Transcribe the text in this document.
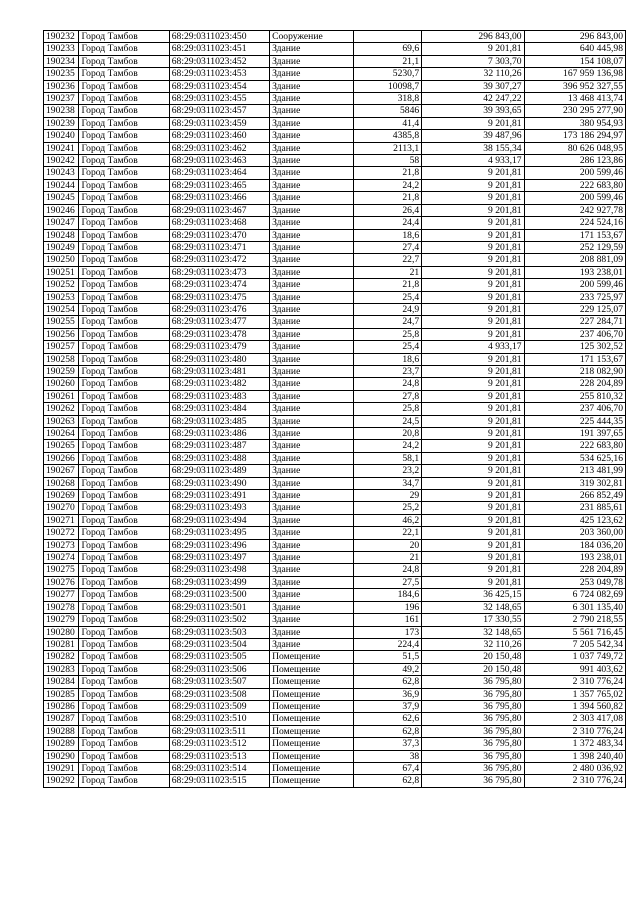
190232	Город Тамбов	68:29:0311023:450	Сооружение		296 843,00	296 843,00
190233	Город Тамбов	68:29:0311023:451	Здание	69,6	9 201,81	640 445,98
190234	Город Тамбов	68:29:0311023:452	Здание	21,1	7 303,70	154 108,07
190235	Город Тамбов	68:29:0311023:453	Здание	5230,7	32 110,26	167 959 136,98
190236	Город Тамбов	68:29:0311023:454	Здание	10098,7	39 307,27	396 952 327,55
190237	Город Тамбов	68:29:0311023:455	Здание	318,8	42 247,22	13 468 413,74
190238	Город Тамбов	68:29:0311023:457	Здание	5846	39 393,65	230 295 277,90
190239	Город Тамбов	68:29:0311023:459	Здание	41,4	9 201,81	380 954,93
190240	Город Тамбов	68:29:0311023:460	Здание	4385,8	39 487,96	173 186 294,97
190241	Город Тамбов	68:29:0311023:462	Здание	2113,1	38 155,34	80 626 048,95
190242	Город Тамбов	68:29:0311023:463	Здание	58	4 933,17	286 123,86
190243	Город Тамбов	68:29:0311023:464	Здание	21,8	9 201,81	200 599,46
190244	Город Тамбов	68:29:0311023:465	Здание	24,2	9 201,81	222 683,80
190245	Город Тамбов	68:29:0311023:466	Здание	21,8	9 201,81	200 599,46
190246	Город Тамбов	68:29:0311023:467	Здание	26,4	9 201,81	242 927,78
190247	Город Тамбов	68:29:0311023:468	Здание	24,4	9 201,81	224 524,16
190248	Город Тамбов	68:29:0311023:470	Здание	18,6	9 201,81	171 153,67
190249	Город Тамбов	68:29:0311023:471	Здание	27,4	9 201,81	252 129,59
190250	Город Тамбов	68:29:0311023:472	Здание	22,7	9 201,81	208 881,09
190251	Город Тамбов	68:29:0311023:473	Здание	21	9 201,81	193 238,01
190252	Город Тамбов	68:29:0311023:474	Здание	21,8	9 201,81	200 599,46
190253	Город Тамбов	68:29:0311023:475	Здание	25,4	9 201,81	233 725,97
190254	Город Тамбов	68:29:0311023:476	Здание	24,9	9 201,81	229 125,07
190255	Город Тамбов	68:29:0311023:477	Здание	24,7	9 201,81	227 284,71
190256	Город Тамбов	68:29:0311023:478	Здание	25,8	9 201,81	237 406,70
190257	Город Тамбов	68:29:0311023:479	Здание	25,4	4 933,17	125 302,52
190258	Город Тамбов	68:29:0311023:480	Здание	18,6	9 201,81	171 153,67
190259	Город Тамбов	68:29:0311023:481	Здание	23,7	9 201,81	218 082,90
190260	Город Тамбов	68:29:0311023:482	Здание	24,8	9 201,81	228 204,89
190261	Город Тамбов	68:29:0311023:483	Здание	27,8	9 201,81	255 810,32
190262	Город Тамбов	68:29:0311023:484	Здание	25,8	9 201,81	237 406,70
190263	Город Тамбов	68:29:0311023:485	Здание	24,5	9 201,81	225 444,35
190264	Город Тамбов	68:29:0311023:486	Здание	20,8	9 201,81	191 397,65
190265	Город Тамбов	68:29:0311023:487	Здание	24,2	9 201,81	222 683,80
190266	Город Тамбов	68:29:0311023:488	Здание	58,1	9 201,81	534 625,16
190267	Город Тамбов	68:29:0311023:489	Здание	23,2	9 201,81	213 481,99
190268	Город Тамбов	68:29:0311023:490	Здание	34,7	9 201,81	319 302,81
190269	Город Тамбов	68:29:0311023:491	Здание	29	9 201,81	266 852,49
190270	Город Тамбов	68:29:0311023:493	Здание	25,2	9 201,81	231 885,61
190271	Город Тамбов	68:29:0311023:494	Здание	46,2	9 201,81	425 123,62
190272	Город Тамбов	68:29:0311023:495	Здание	22,1	9 201,81	203 360,00
190273	Город Тамбов	68:29:0311023:496	Здание	20	9 201,81	184 036,20
190274	Город Тамбов	68:29:0311023:497	Здание	21	9 201,81	193 238,01
190275	Город Тамбов	68:29:0311023:498	Здание	24,8	9 201,81	228 204,89
190276	Город Тамбов	68:29:0311023:499	Здание	27,5	9 201,81	253 049,78
190277	Город Тамбов	68:29:0311023:500	Здание	184,6	36 425,15	6 724 082,69
190278	Город Тамбов	68:29:0311023:501	Здание	196	32 148,65	6 301 135,40
190279	Город Тамбов	68:29:0311023:502	Здание	161	17 330,55	2 790 218,55
190280	Город Тамбов	68:29:0311023:503	Здание	173	32 148,65	5 561 716,45
190281	Город Тамбов	68:29:0311023:504	Здание	224,4	32 110,26	7 205 542,34
190282	Город Тамбов	68:29:0311023:505	Помещение	51,5	20 150,48	1 037 749,72
190283	Город Тамбов	68:29:0311023:506	Помещение	49,2	20 150,48	991 403,62
190284	Город Тамбов	68:29:0311023:507	Помещение	62,8	36 795,80	2 310 776,24
190285	Город Тамбов	68:29:0311023:508	Помещение	36,9	36 795,80	1 357 765,02
190286	Город Тамбов	68:29:0311023:509	Помещение	37,9	36 795,80	1 394 560,82
190287	Город Тамбов	68:29:0311023:510	Помещение	62,6	36 795,80	2 303 417,08
190288	Город Тамбов	68:29:0311023:511	Помещение	62,8	36 795,80	2 310 776,24
190289	Город Тамбов	68:29:0311023:512	Помещение	37,3	36 795,80	1 372 483,34
190290	Город Тамбов	68:29:0311023:513	Помещение	38	36 795,80	1 398 240,40
190291	Город Тамбов	68:29:0311023:514	Помещение	67,4	36 795,80	2 480 036,92
190292	Город Тамбов	68:29:0311023:515	Помещение	62,8	36 795,80	2 310 776,24
